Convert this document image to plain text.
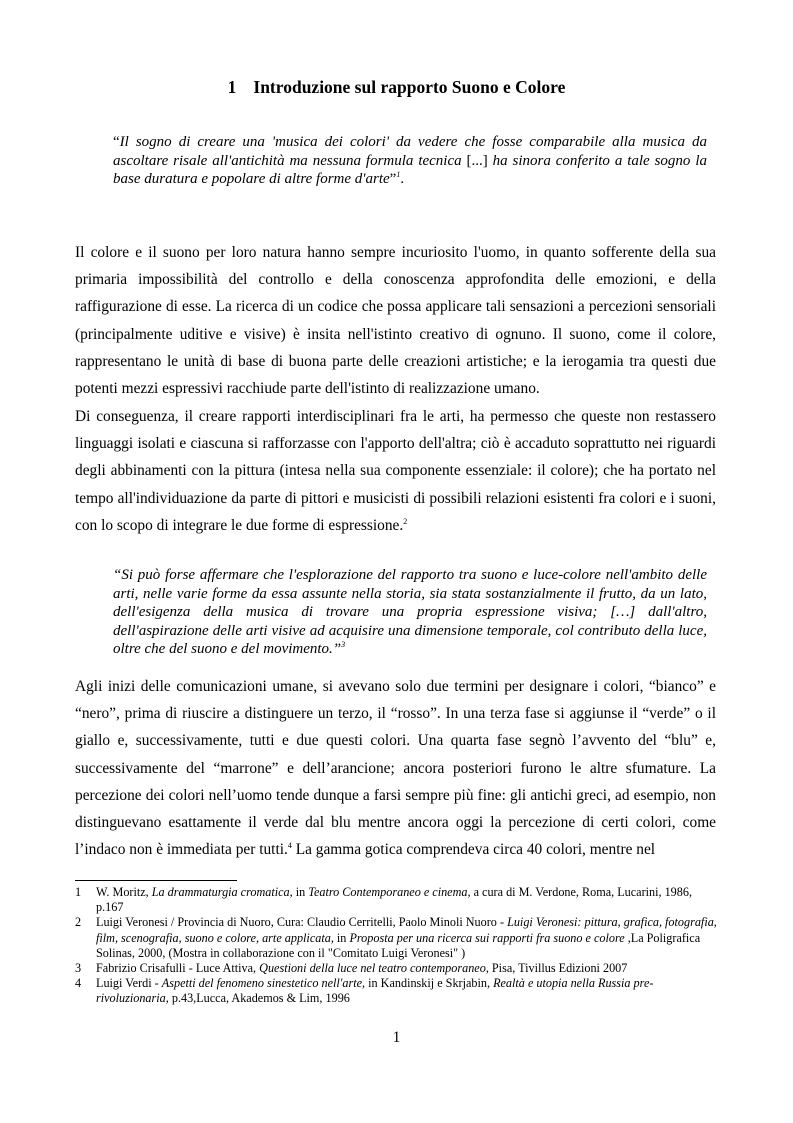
1 Introduzione sul rapporto Suono e Colore

“Il sogno di creare una 'musica dei colori' da vedere che fosse comparabile alla musica da ascoltare risale all'antichità ma nessuna formula tecnica [...] ha sinora conferito a tale sogno la base duratura e popolare di altre forme d'arte”$^1$.

Il colore e il suono per loro natura hanno sempre incuriosito l'uomo, in quanto sofferente della sua primaria impossibilità del controllo e della conoscenza approfondita delle emozioni, e della raffigurazione di esse. La ricerca di un codice che possa applicare tali sensazioni a percezioni sensoriali (principalmente uditive e visive) è insita nell'istinto creativo di ognuno. Il suono, come il colore, rappresentano le unità di base di buona parte delle creazioni artistiche; e la ierogamia tra questi due potenti mezzi espressivi racchiude parte dell'istinto di realizzazione umano.

Di conseguenza, il creare rapporti interdisciplinari fra le arti, ha permesso che queste non restassero linguaggi isolati e ciascuna si rafforzasse con l'apporto dell'altra; ciò è accaduto soprattutto nei riguardi degli abbinamenti con la pittura (intesa nella sua componente essenziale: il colore); che ha portato nel tempo all'individuazione da parte di pittori e musicisti di possibili relazioni esistenti fra colori e i suoni, con lo scopo di integrare le due forme di espressione.$^2$

“Si può forse affermare che l'esplorazione del rapporto tra suono e luce-colore nell'ambito delle arti, nelle varie forme da essa assunte nella storia, sia stata sostanzialmente il frutto, da un lato, dell'esigenza della musica di trovare una propria espressione visiva; […] dall'altro, dell'aspirazione delle arti visive ad acquisire una dimensione temporale, col contributo della luce, oltre che del suono e del movimento.”$^3$

Agli inizi delle comunicazioni umane, si avevano solo due termini per designare i colori, “bianco” e “nero”, prima di riuscire a distinguere un terzo, il “rosso”. In una terza fase si aggiunse il “verde” o il giallo e, successivamente, tutti e due questi colori. Una quarta fase segnò l’avvento del “blu” e, successivamente del “marrone” e dell’arancione; ancora posteriori furono le altre sfumature. La percezione dei colori nell’uomo tende dunque a farsi sempre più fine: gli antichi greci, ad esempio, non distinguevano esattamente il verde dal blu mentre ancora oggi la percezione di certi colori, come l’indaco non è immediata per tutti.$^4$ La gamma gotica comprendeva circa 40 colori, mentre nel

1 W. Moritz, La drammaturgia cromatica, in Teatro Contemporaneo e cinema, a cura di M. Verdone, Roma, Lucarini, 1986, p.167
2 Luigi Veronesi / Provincia di Nuoro, Cura: Claudio Cerritelli, Paolo Minoli Nuoro - Luigi Veronesi: pittura, grafica, fotografia, film, scenografia, suono e colore, arte applicata, in Proposta per una ricerca sui rapporti fra suono e colore ,La Poligrafica Solinas, 2000, (Mostra in collaborazione con il "Comitato Luigi Veronesi" )
3 Fabrizio Crisafulli - Luce Attiva, Questioni della luce nel teatro contemporaneo, Pisa, Tivillus Edizioni 2007
4 Luigi Verdi - Aspetti del fenomeno sinestetico nell'arte, in Kandinskij e Skrjabin, Realtà e utopia nella Russia pre-rivoluzionaria, p.43,Lucca, Akademos & Lim, 1996
1
